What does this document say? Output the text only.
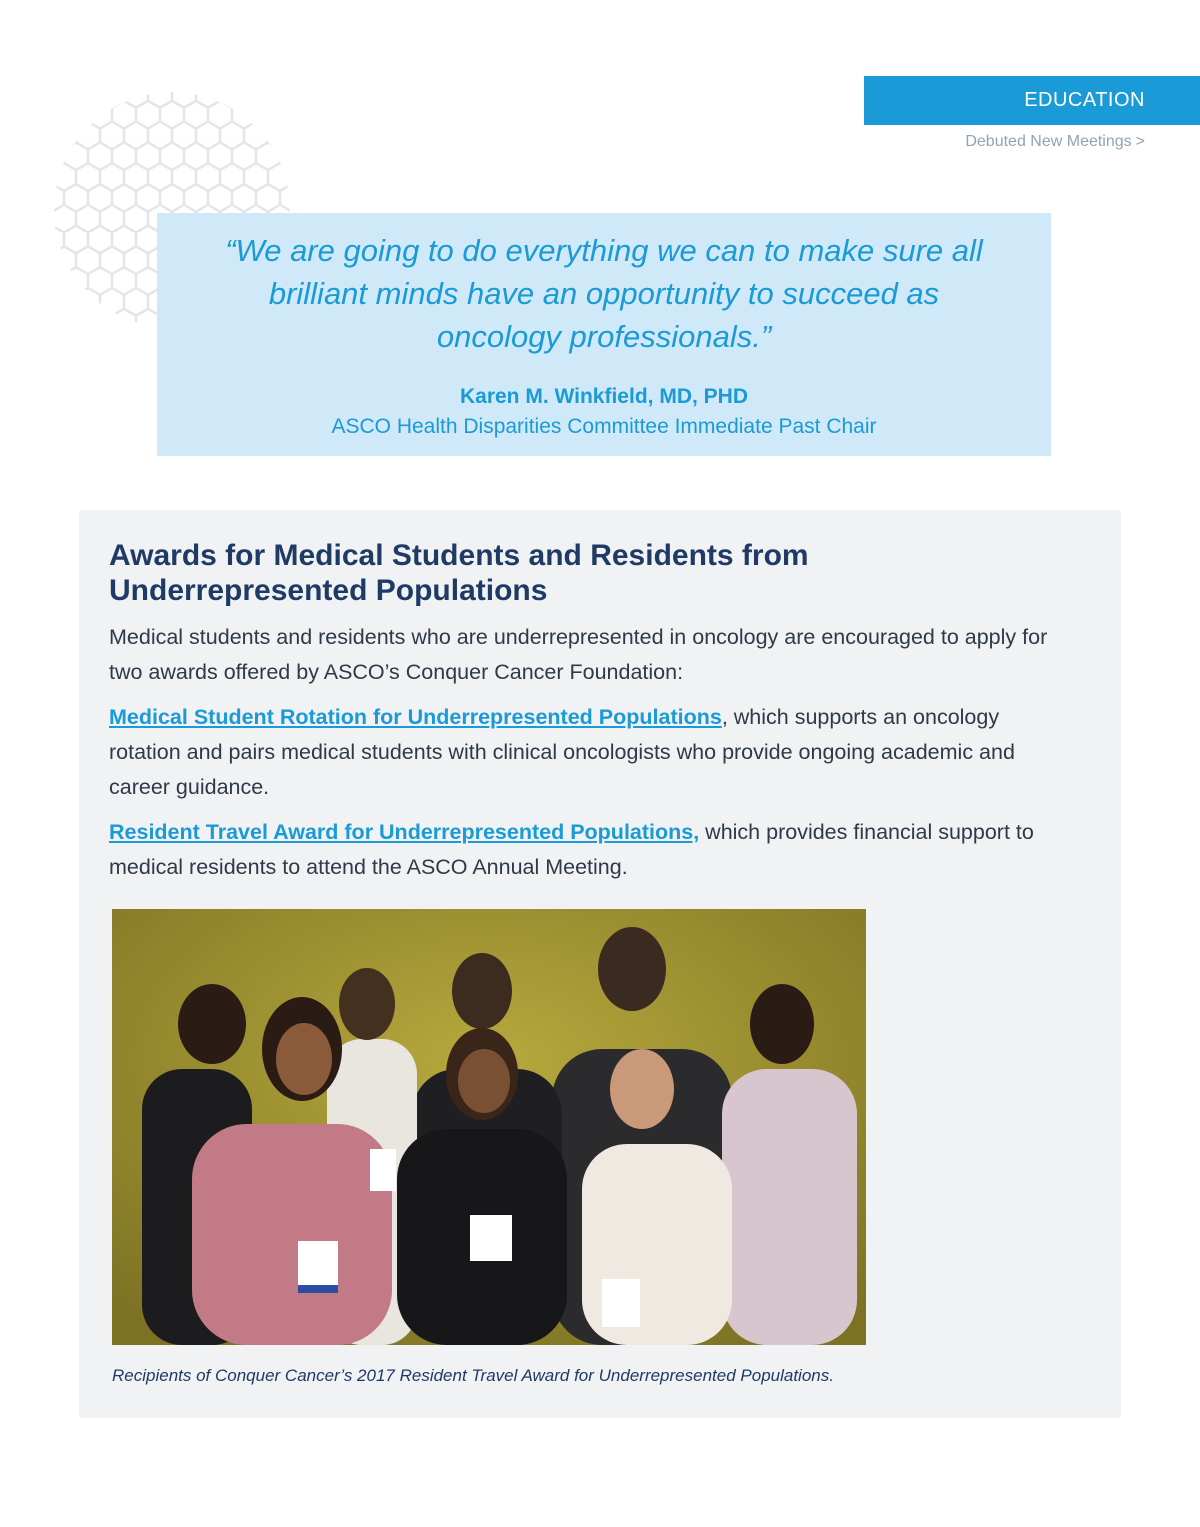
EDUCATION
Debuted New Meetings >
“We are going to do everything we can to make sure all brilliant minds have an opportunity to succeed as oncology professionals.”
Karen M. Winkfield, MD, PHD
ASCO Health Disparities Committee Immediate Past Chair
Awards for Medical Students and Residents from Underrepresented Populations

Medical students and residents who are underrepresented in oncology are encouraged to apply for two awards offered by ASCO’s Conquer Cancer Foundation:

Medical Student Rotation for Underrepresented Populations, which supports an oncology rotation and pairs medical students with clinical oncologists who provide ongoing academic and career guidance.

Resident Travel Award for Underrepresented Populations, which provides financial support to medical residents to attend the ASCO Annual Meeting.

Recipients of Conquer Cancer’s 2017 Resident Travel Award for Underrepresented Populations.
